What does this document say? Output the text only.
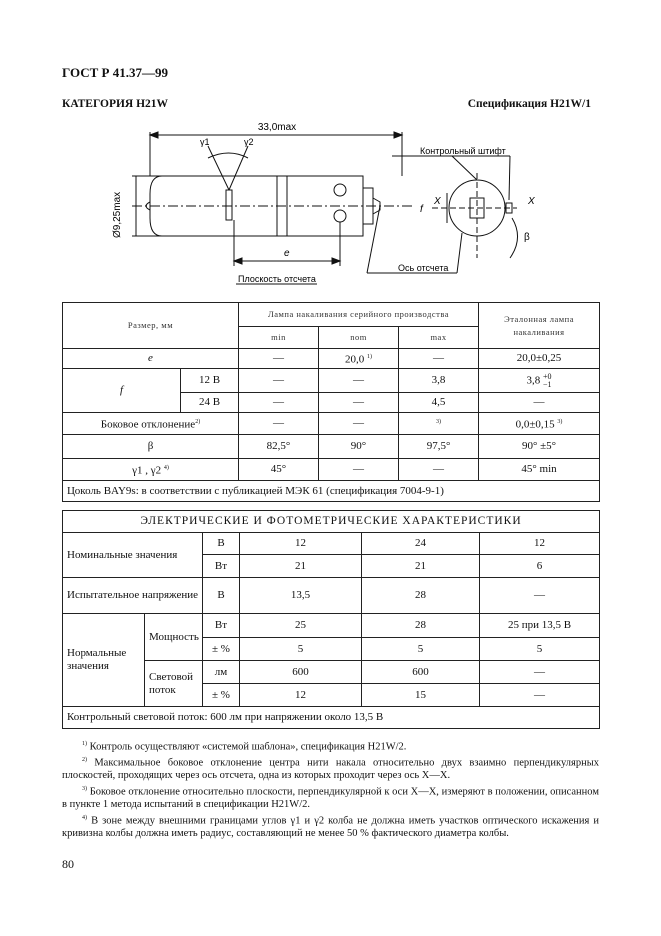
ГОСТ Р 41.37—99
КАТЕГОРИЯ H21W	Спецификация H21W/1
33,0max
Ø9,25max
e
γ1	γ2
Плоскость отсчета
Контрольный штифт
Ось отсчета
X	X
f
β
Размер, мм		Лампа накаливания серийного производства			Эталонная лампа накаливания
		min	nom	max	
e		—	20,0 $^{1)}$	—	20,0±0,25
f	12 В	—	—	3,8	3,8 +0
−1
	24 В	—	—	4,5	—
Боковое отклонение$^{2)}$		—	—	$^{3)}$	0,0±0,15 $^{3)}$
β		82,5°	90°	97,5°	90° ±5°
γ1 , γ2 $^{4)}$		45°	—	—	45° min
Цоколь BAY9s: в соответствии с публикацией МЭК 61 (спецификация 7004-9-1)					
ЭЛЕКТРИЧЕСКИЕ И ФОТОМЕТРИЧЕСКИЕ ХАРАКТЕРИСТИКИ					
Номинальные значения		В	12	24	12
		Вт	21	21	6
Испытательное напряжение		В	13,5	28	—
Нормальные значения	Мощность	Вт	25	28	25 при 13,5 В
		± %	5	5	5
	Световой поток	лм	600	600	—
		± %	12	15	—
Контрольный световой поток: 600 лм при напряжении около 13,5 В					

$^{1)}$ Контроль осуществляют «системой шаблона», спецификация H21W/2.

$^{2)}$ Максимальное боковое отклонение центра нити накала относительно двух взаимно перпендикулярных плоскостей, проходящих через ось отсчета, одна из которых проходит через ось X—X.

$^{3)}$ Боковое отклонение относительно плоскости, перпендикулярной к оси X—X, измеряют в положении, описанном в пункте 1 метода испытаний в спецификации H21W/2.

$^{4)}$ В зоне между внешними границами углов γ1 и γ2 колба не должна иметь участков оптического искажения и кривизна колбы должна иметь радиус, составляющий не менее 50 % фактического диаметра колбы.

80
